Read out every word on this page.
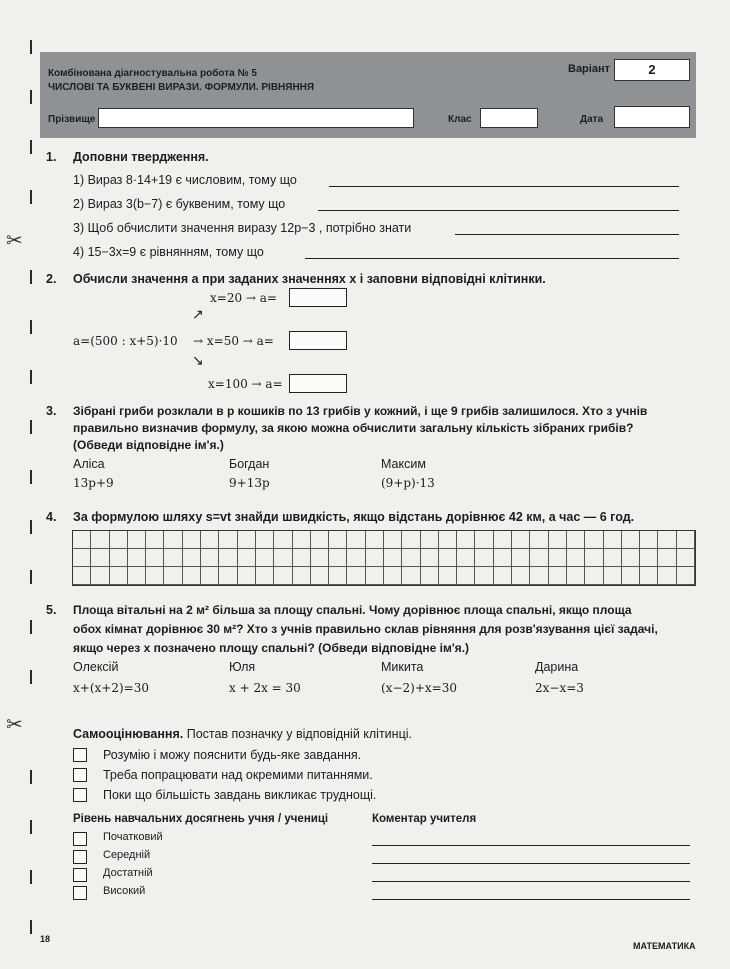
✂
✂
Комбінована діагностувальна робота № 5
ЧИСЛОВІ ТА БУКВЕНІ ВИРАЗИ. ФОРМУЛИ. РІВНЯННЯ
Варіант	2
Прізвище	Клас	Дата
1. Доповни твердження.
1) Вираз 8·14+19 є числовим, тому що
2) Вираз 3(b−7) є буквеним, тому що
3) Щоб обчислити значення виразу 12p−3 , потрібно знати
4) 15−3x=9 є рівнянням, тому що
2. Обчисли значення a при заданих значеннях x і заповни відповідні клітинки.
x=20 → a=
↗
a=(500 : x+5)·10 → x=50 → a=
↘
x=100 → a=
3. Зібрані гриби розклали в p кошиків по 13 грибів у кожний, і ще 9 грибів залишилося. Хто з учнів
правильно визначив формулу, за якою можна обчислити загальну кількість зібраних грибів?
(Обведи відповідне ім'я.)
Аліса	Богдан	Максим
13p+9	9+13p	(9+p)·13
4. За формулою шляху s=vt знайди швидкість, якщо відстань дорівнює 42 км, а час — 6 год.
5. Площа вітальні на 2 м² більша за площу спальні. Чому дорівнює площа спальні, якщо площа
обох кімнат дорівнює 30 м²? Хто з учнів правильно склав рівняння для розв'язування цієї задачі,
якщо через x позначено площу спальні? (Обведи відповідне ім'я.)
Олексій	Юля	Микита	Дарина
x+(x+2)=30	x + 2x = 30	(x−2)+x=30	2x−x=3
Самооцінювання. Постав позначку у відповідній клітинці.
Розумію і можу пояснити будь-яке завдання.
Треба попрацювати над окремими питаннями.
Поки що більшість завдань викликає труднощі.
Рівень навчальних досягнень учня / учениці
Початковий
Середній
Достатній
Високий
Коментар учителя
18
МАТЕМАТИКА
